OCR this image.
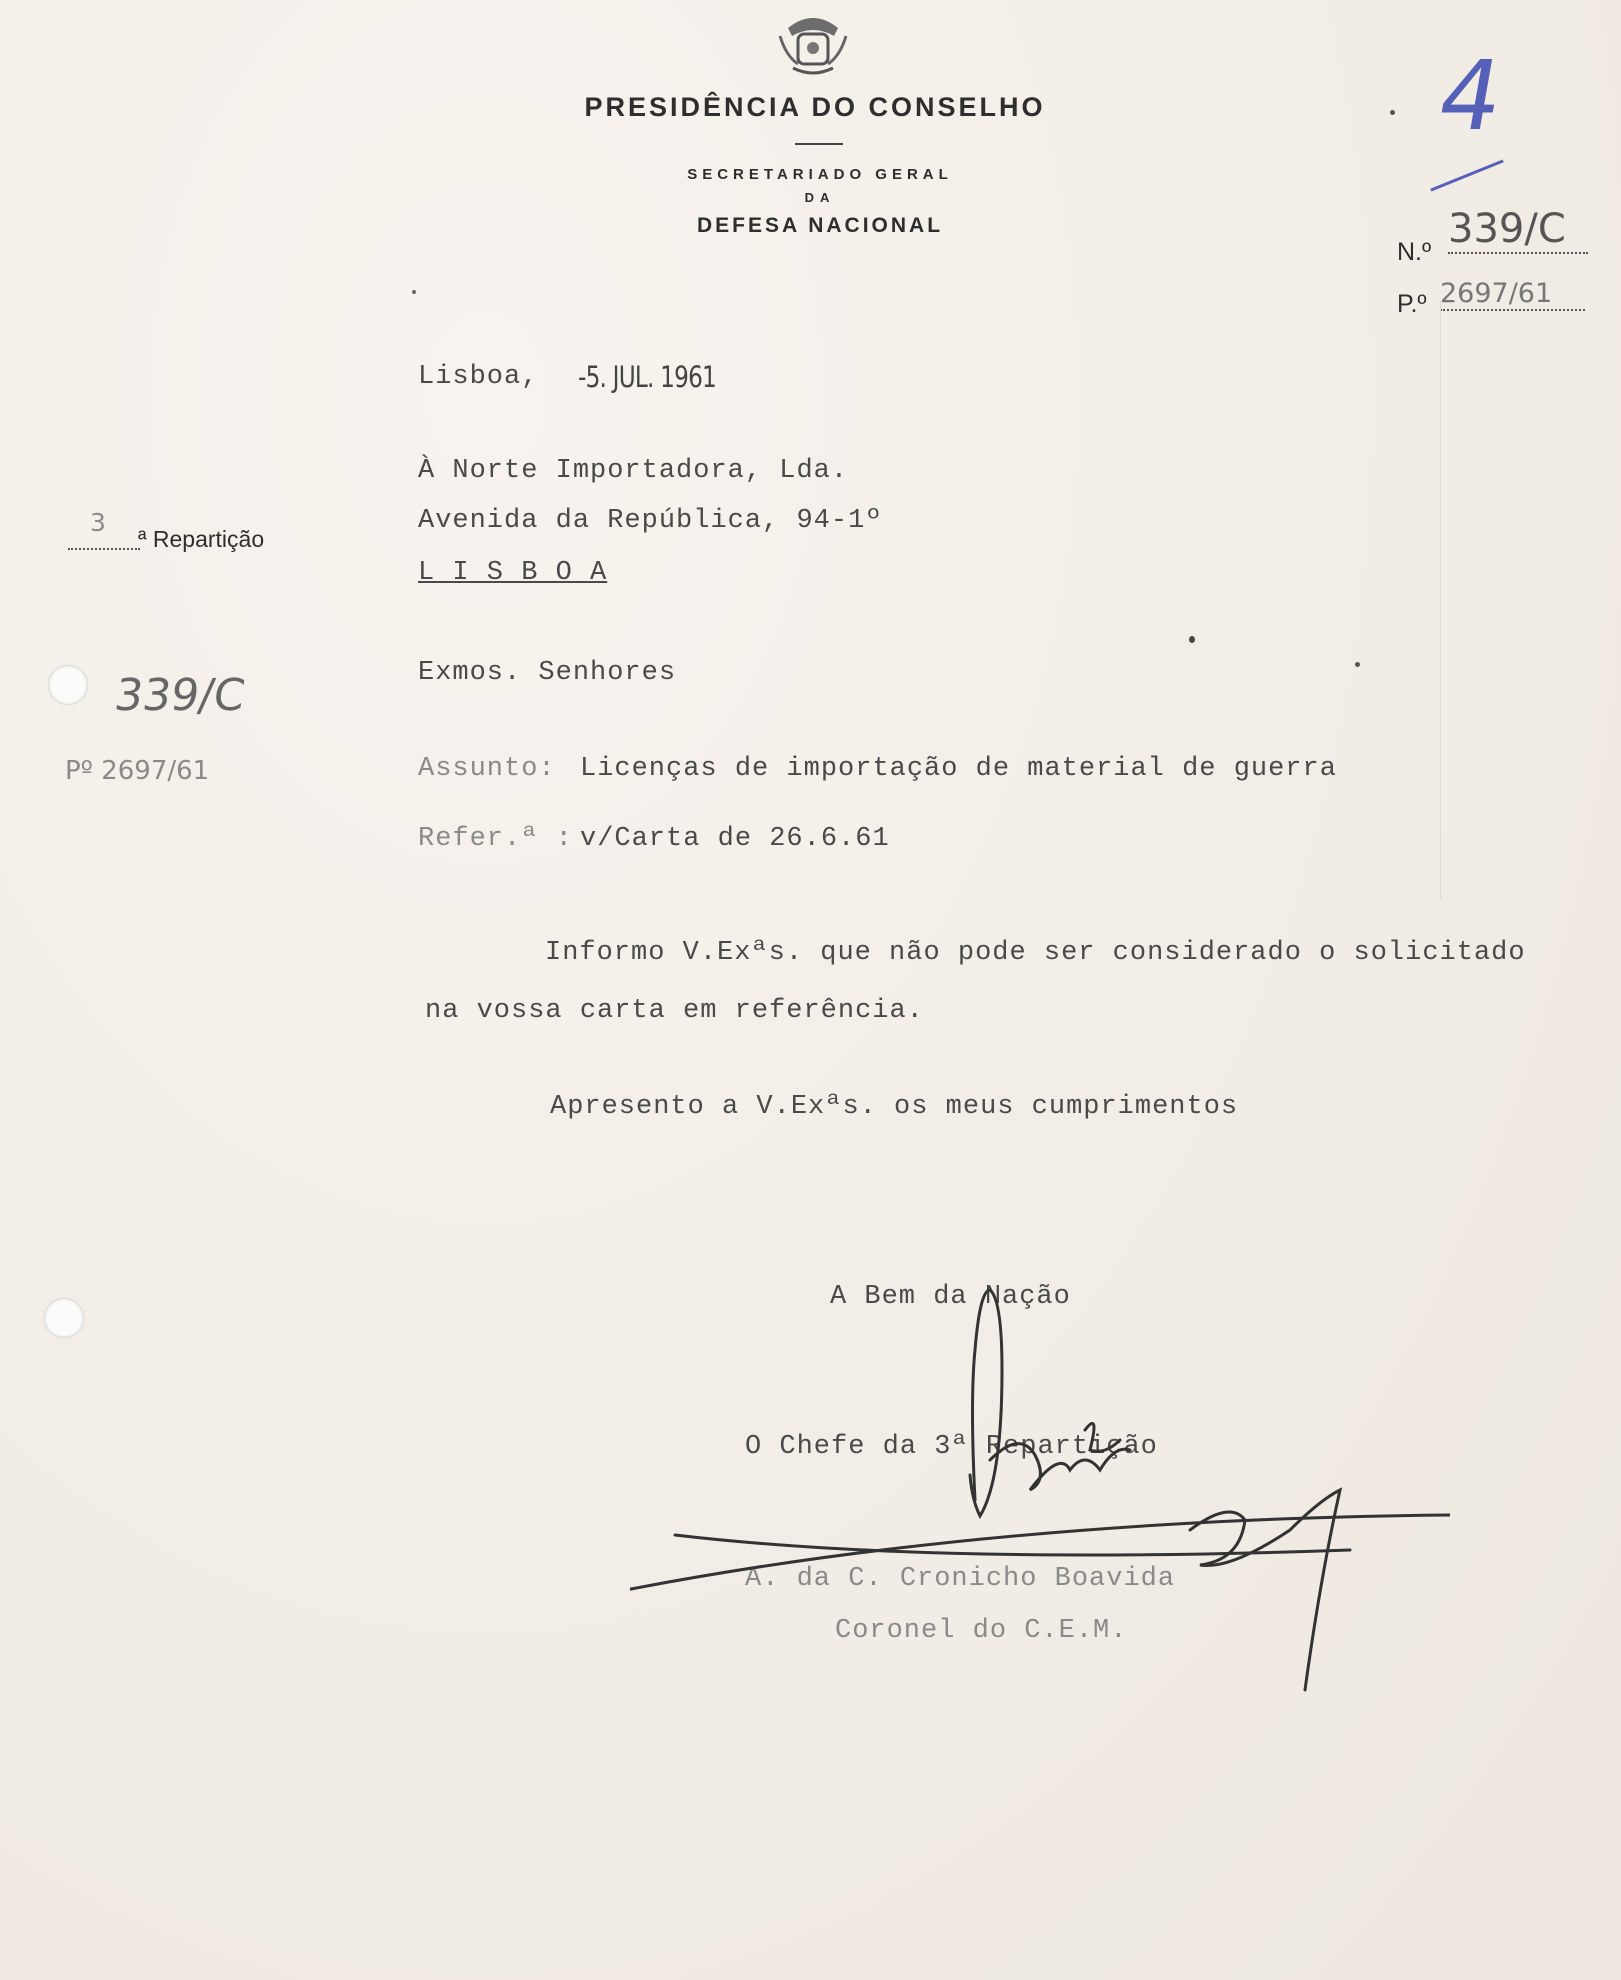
PRESIDÊNCIA DO CONSELHO
SECRETARIADO GERAL
DA
DEFESA NACIONAL
4
N.º 339/C
P.º 2697/61
3
ª Repartição
339/C
Pº 2697/61
Lisboa, -5. JUL. 1961
À Norte Importadora, Lda.
Avenida da República, 94-1º
L I S B O A
Exmos. Senhores
Assunto: Licenças de importação de material de guerra
Refer.ª : v/Carta de 26.6.61
Informo V.Exªs. que não pode ser considerado o solicitado
na vossa carta em referência.
Apresento a V.Exªs. os meus cumprimentos
A Bem da Nação
O Chefe da 3ª Repartição
A. da C. Cronicho Boavida
Coronel do C.E.M.
